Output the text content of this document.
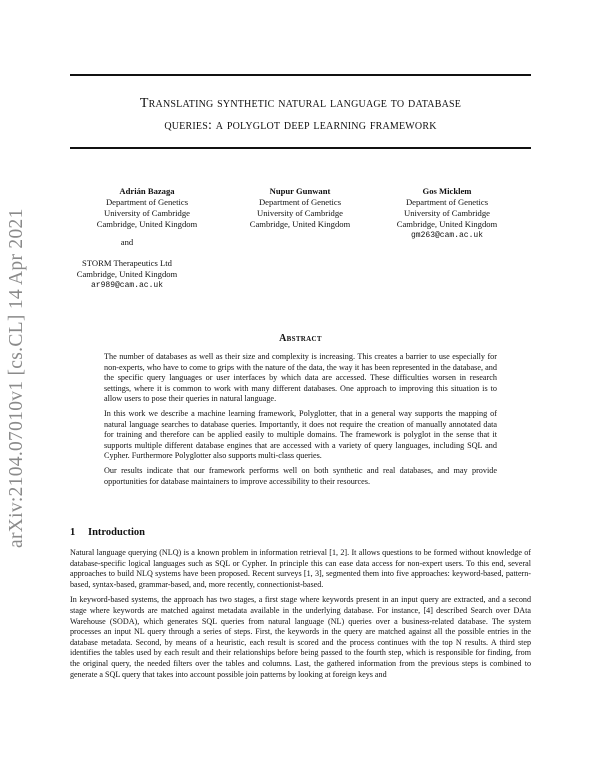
arXiv:2104.07010v1 [cs.CL] 14 Apr 2021
Translating synthetic natural language to database
queries: a polyglot deep learning framework
Adrián Bazaga
Department of Genetics
University of Cambridge
Cambridge, United Kingdom
Nupur Gunwant
Department of Genetics
University of Cambridge
Cambridge, United Kingdom
Gos Micklem
Department of Genetics
University of Cambridge
Cambridge, United Kingdom
gm263@cam.ac.uk
and
STORM Therapeutics Ltd
Cambridge, United Kingdom
ar989@cam.ac.uk
Abstract

The number of databases as well as their size and complexity is increasing. This creates a barrier to use especially for non-experts, who have to come to grips with the nature of the data, the way it has been represented in the database, and the specific query languages or user interfaces by which data are accessed. These difficulties worsen in research settings, where it is common to work with many different databases. One approach to improving this situation is to allow users to pose their queries in natural language.

In this work we describe a machine learning framework, Polyglotter, that in a general way supports the mapping of natural language searches to database queries. Importantly, it does not require the creation of manually annotated data for training and therefore can be applied easily to multiple domains. The framework is polyglot in the sense that it supports multiple different database engines that are accessed with a variety of query languages, including SQL and Cypher. Furthermore Polyglotter also supports multi-class queries.

Our results indicate that our framework performs well on both synthetic and real databases, and may provide opportunities for database maintainers to improve accessibility to their resources.

1 Introduction

Natural language querying (NLQ) is a known problem in information retrieval [1, 2]. It allows questions to be formed without knowledge of database-specific logical languages such as SQL or Cypher. In principle this can ease data access for non-expert users. To this end, several approaches to build NLQ systems have been proposed. Recent surveys [1, 3], segmented them into five approaches: keyword-based, pattern-based, syntax-based, grammar-based, and, more recently, connectionist-based.

In keyword-based systems, the approach has two stages, a first stage where keywords present in an input query are extracted, and a second stage where keywords are matched against metadata available in the underlying database. For instance, [4] described Search over DAta Warehouse (SODA), which generates SQL queries from natural language (NL) queries over a business-related database. The system processes an input NL query through a series of steps. First, the keywords in the query are matched against all the possible entries in the database metadata. Second, by means of a heuristic, each result is scored and the process continues with the top N results. A third step identifies the tables used by each result and their relationships before being passed to the fourth step, which is responsible for finding, from the original query, the needed filters over the tables and columns. Last, the gathered information from the previous steps is combined to generate a SQL query that takes into account possible join patterns by looking at foreign keys and
